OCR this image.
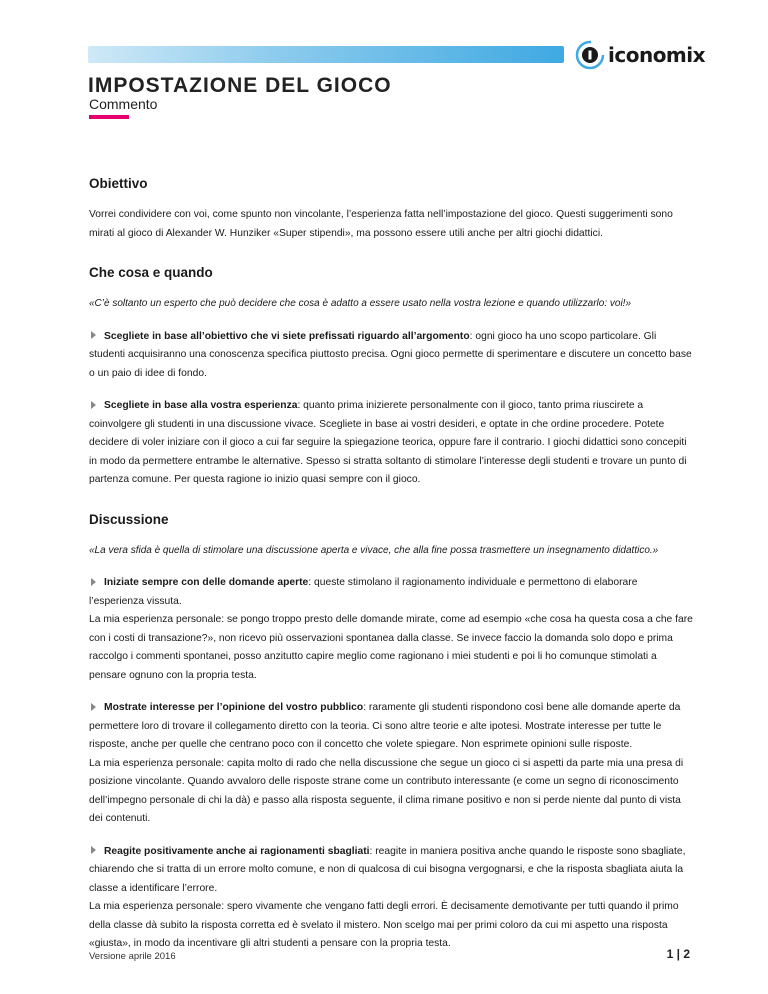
iconomix
IMPOSTAZIONE DEL GIOCO
Commento
Obiettivo

Vorrei condividere con voi, come spunto non vincolante, l’esperienza fatta nell’impostazione del gioco. Questi suggerimenti sono mirati al gioco di Alexander W. Hunziker «Super stipendi», ma possono essere utili anche per altri giochi didattici.

Che cosa e quando

«C’è soltanto un esperto che può decidere che cosa è adatto a essere usato nella vostra lezione e quando utilizzarlo: voi!»

Scegliete in base all’obiettivo che vi siete prefissati riguardo all’argomento: ogni gioco ha uno scopo particolare. Gli studenti acquisiranno una conoscenza specifica piuttosto precisa. Ogni gioco permette di sperimentare e discutere un concetto base o un paio di idee di fondo.

Scegliete in base alla vostra esperienza: quanto prima inizierete personalmente con il gioco, tanto prima riuscirete a coinvolgere gli studenti in una discussione vivace. Scegliete in base ai vostri desideri, e optate in che ordine procedere. Potete decidere di voler iniziare con il gioco a cui far seguire la spiegazione teorica, oppure fare il contrario. I giochi didattici sono concepiti in modo da permettere entrambe le alternative. Spesso si stratta soltanto di stimolare l’interesse degli studenti e trovare un punto di partenza comune. Per questa ragione io inizio quasi sempre con il gioco.

Discussione

«La vera sfida è quella di stimolare una discussione aperta e vivace, che alla fine possa trasmettere un insegnamento didattico.»

Iniziate sempre con delle domande aperte: queste stimolano il ragionamento individuale e permettono di elaborare l’esperienza vissuta.

La mia esperienza personale: se pongo troppo presto delle domande mirate, come ad esempio «che cosa ha questa cosa a che fare con i costi di transazione?», non ricevo più osservazioni spontanea dalla classe. Se invece faccio la domanda solo dopo e prima raccolgo i commenti spontanei, posso anzitutto capire meglio come ragionano i miei studenti e poi li ho comunque stimolati a pensare ognuno con la propria testa.

Mostrate interesse per l’opinione del vostro pubblico: raramente gli studenti rispondono così bene alle domande aperte da permettere loro di trovare il collegamento diretto con la teoria. Ci sono altre teorie e alte ipotesi. Mostrate interesse per tutte le risposte, anche per quelle che centrano poco con il concetto che volete spiegare. Non esprimete opinioni sulle risposte.

La mia esperienza personale: capita molto di rado che nella discussione che segue un gioco ci si aspetti da parte mia una presa di posizione vincolante. Quando avvaloro delle risposte strane come un contributo interessante (e come un segno di riconoscimento dell’impegno personale di chi la dà) e passo alla risposta seguente, il clima rimane positivo e non si perde niente dal punto di vista dei contenuti.

Reagite positivamente anche ai ragionamenti sbagliati: reagite in maniera positiva anche quando le risposte sono sbagliate, chiarendo che si tratta di un errore molto comune, e non di qualcosa di cui bisogna vergognarsi, e che la risposta sbagliata aiuta la classe a identificare l’errore.

La mia esperienza personale: spero vivamente che vengano fatti degli errori. È decisamente demotivante per tutti quando il primo della classe dà subito la risposta corretta ed è svelato il mistero. Non scelgo mai per primi coloro da cui mi aspetto una risposta «giusta», in modo da incentivare gli altri studenti a pensare con la propria testa.

Versione aprile 2016	1 | 2
